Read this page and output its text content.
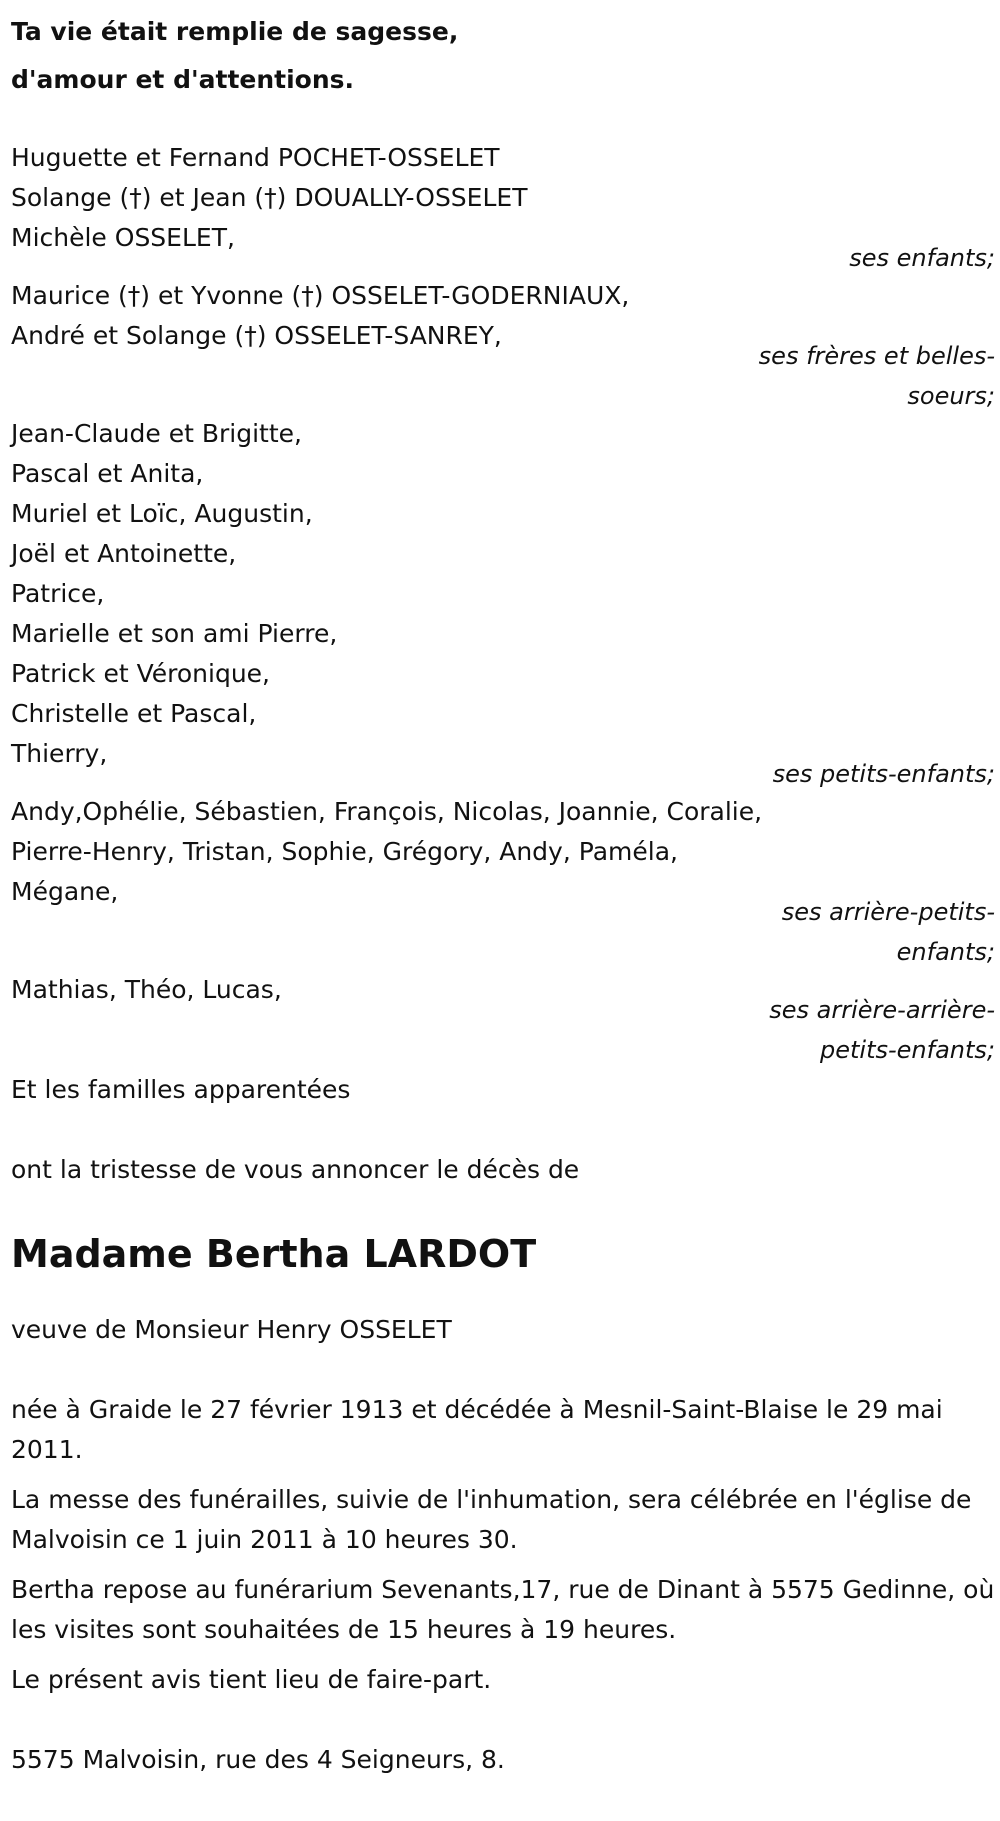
Ta vie était remplie de sagesse,
d'amour et d'attentions.
Huguette et Fernand POCHET-OSSELET
Solange (†) et Jean (†) DOUALLY-OSSELET
Michèle OSSELET,
ses enfants;
Maurice (†) et Yvonne (†) OSSELET-GODERNIAUX,
André et Solange (†) OSSELET-SANREY,
ses frères et belles-soeurs;
Jean-Claude et Brigitte,
Pascal et Anita,
Muriel et Loïc, Augustin,
Joël et Antoinette,
Patrice,
Marielle et son ami Pierre,
Patrick et Véronique,
Christelle et Pascal,
Thierry,
ses petits-enfants;
Andy,Ophélie, Sébastien, François, Nicolas, Joannie, Coralie,
Pierre-Henry, Tristan, Sophie, Grégory, Andy, Paméla,
Mégane,
ses arrière-petits-enfants;
Mathias, Théo, Lucas,
ses arrière-arrière-petits-enfants;
Et les familles apparentées
ont la tristesse de vous annoncer le décès de
Madame Bertha LARDOT
veuve de Monsieur Henry OSSELET
née à Graide le 27 février 1913 et décédée à Mesnil-Saint-Blaise le 29 mai 2011.
La messe des funérailles, suivie de l'inhumation, sera célébrée en l'église de Malvoisin ce 1 juin 2011 à 10 heures 30.
Bertha repose au funérarium Sevenants,17, rue de Dinant à 5575 Gedinne, où les visites sont souhaitées de 15 heures à 19 heures.
Le présent avis tient lieu de faire-part.
5575 Malvoisin, rue des 4 Seigneurs, 8.
